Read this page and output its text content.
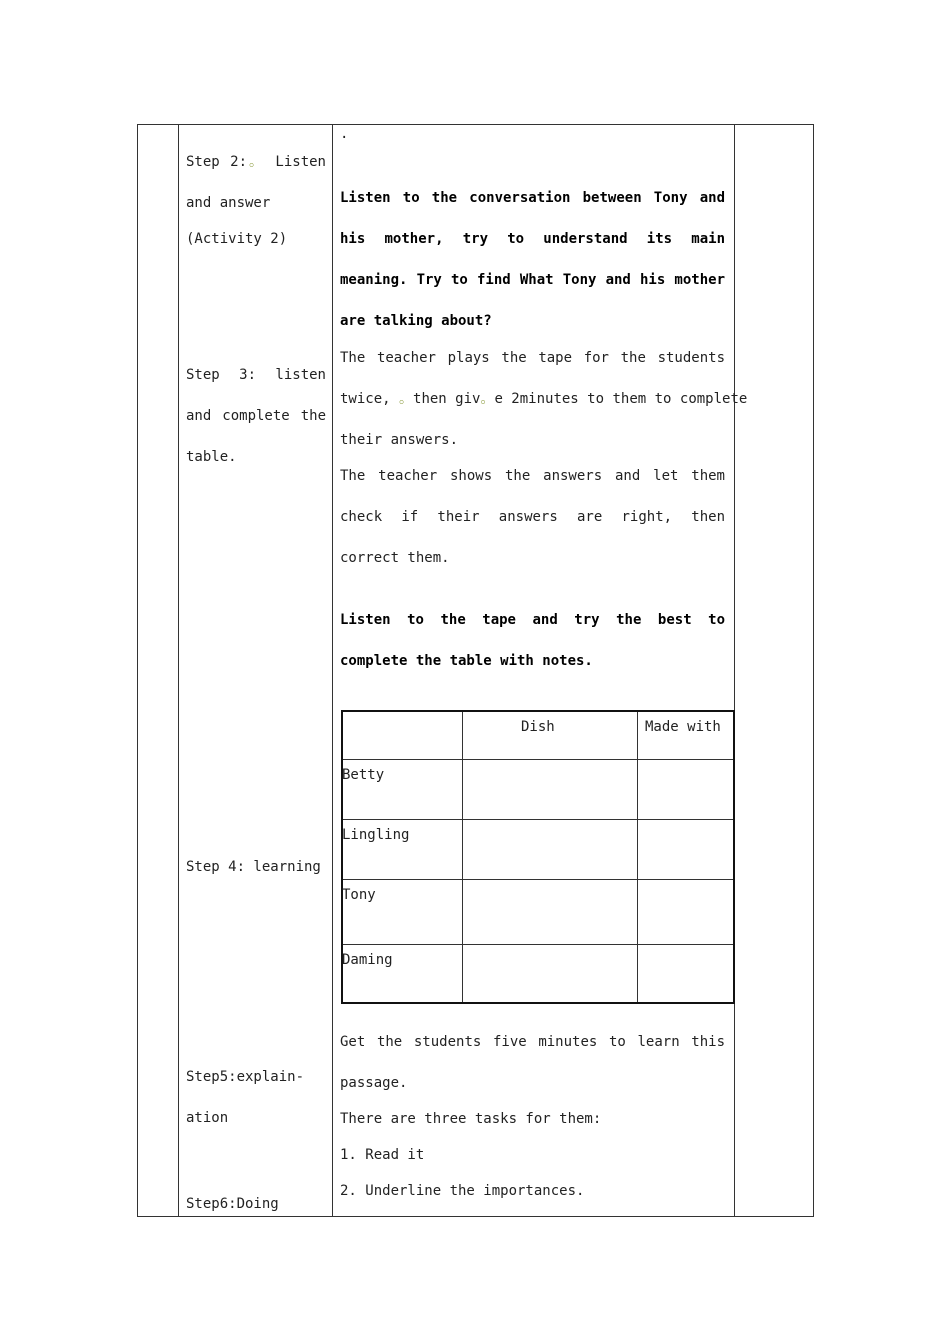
Step 2:。 Listen
and answer
(Activity 2)
Step 3: listen
and complete the
table.
Step 4: learning
Step5:explain-
ation
Step6:Doing
·
Listen to the conversation between Tony and
his mother, try to understand its main
meaning. Try to find What Tony and his mother
are talking about?
The teacher plays the tape for the students
twice, 。then giv。e 2minutes to them to complete
their answers.
The teacher shows the answers and let them
check if their answers are right, then
correct them.
Listen to the tape and try the best to
complete the table with notes.
Dish	Made with
Betty
Lingling
Tony
Daming
Get the students five minutes to learn this
passage.
There are three tasks for them:
1. Read it
2. Underline the importances.
